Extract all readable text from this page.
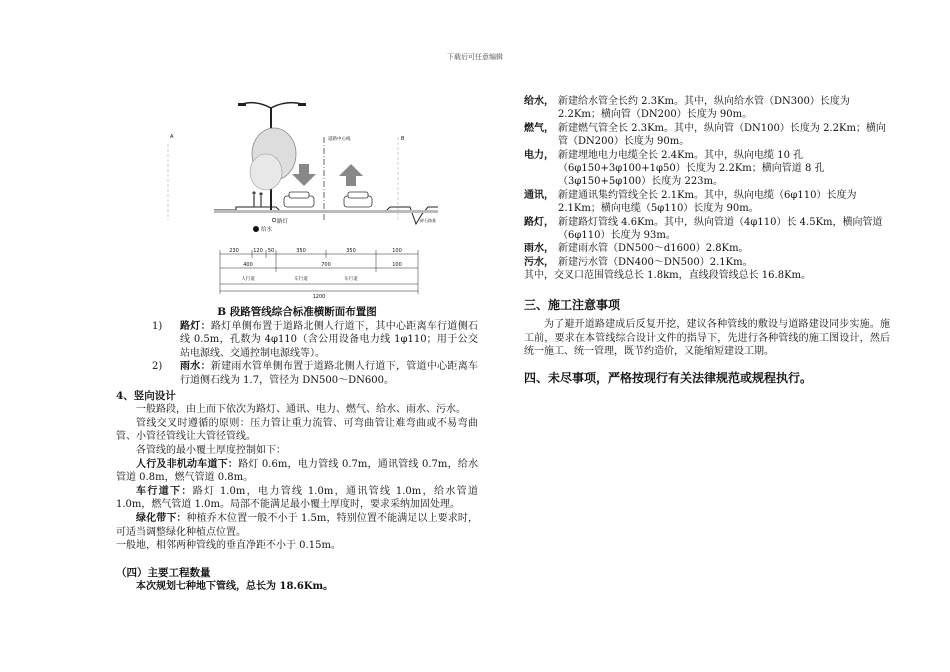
下载后可任意编辑
A	道路中心线	B
碎石路基
给水
路灯
230	120 50	350	350	100
400	700	100
人行道	车行道	车行道
1200
B 段路管线综合标准横断面布置图
1) 路灯：路灯单侧布置于道路北侧人行道下，其中心距离车行道侧石线 0.5m，孔数为 4φ110（含公用设备电力线 1φ110；用于公交站电源线、交通控制电源线等）。
2) 雨水：新建雨水管单侧布置于道路北侧人行道下，管道中心距离车行道侧石线为 1.7，管径为 DN500～DN600。
4、竖向设计
一般路段，由上而下依次为路灯、通讯、电力、燃气、给水、雨水、污水。
管线交叉时遵循的原则：压力管让重力流管、可弯曲管让难弯曲或不易弯曲管、小管径管线让大管径管线。
各管线的最小覆土厚度控制如下：
人行及非机动车道下：路灯 0.6m，电力管线 0.7m，通讯管线 0.7m，给水管道 0.8m，燃气管道 0.8m。
车行道下：路灯 1.0m，电力管线 1.0m，通讯管线 1.0m，给水管道 1.0m，燃气管道 1.0m。局部不能满足最小覆土厚度时，要求采纳加固处理。
绿化带下：种植乔木位置一般不小于 1.5m，特别位置不能满足以上要求时，可适当调整绿化种植点位置。
一般地，相邻两种管线的垂直净距不小于 0.15m。
（四）主要工程数量
本次规划七种地下管线，总长为 18.6Km。
给水， 新建给水管全长约 2.3Km。其中，纵向给水管（DN300）长度为 2.2Km；横向管（DN200）长度为 90m。
燃气， 新建燃气管全长 2.3Km。其中，纵向管（DN100）长度为 2.2Km；横向管（DN200）长度为 90m。
电力， 新建埋地电力电缆全长 2.4Km。其中，纵向电缆 10 孔（6φ150+3φ100+1φ50）长度为 2.2Km；横向管道 8 孔（3φ150+5φ100）长度为 223m。
通讯， 新建通讯集约管线全长 2.1Km。其中，纵向电缆（6φ110）长度为 2.1Km；横向电缆（5φ110）长度为 90m。
路灯， 新建路灯管线 4.6Km。其中，纵向管道（4φ110）长 4.5Km，横向管道（6φ110）长度为 93m。
雨水， 新建雨水管（DN500～d1600）2.8Km。
污水， 新建污水管（DN400～DN500）2.1Km。
其中，交叉口范围管线总长 1.8km，直线段管线总长 16.8Km。
三、施工注意事项
为了避开道路建成后反复开挖，建议各种管线的敷设与道路建设同步实施。施工前，要求在本管线综合设计文件的指导下，先进行各种管线的施工图设计，然后统一施工、统一管理，既节约造价，又能缩短建设工期。
四、未尽事项，严格按现行有关法律规范或规程执行。
